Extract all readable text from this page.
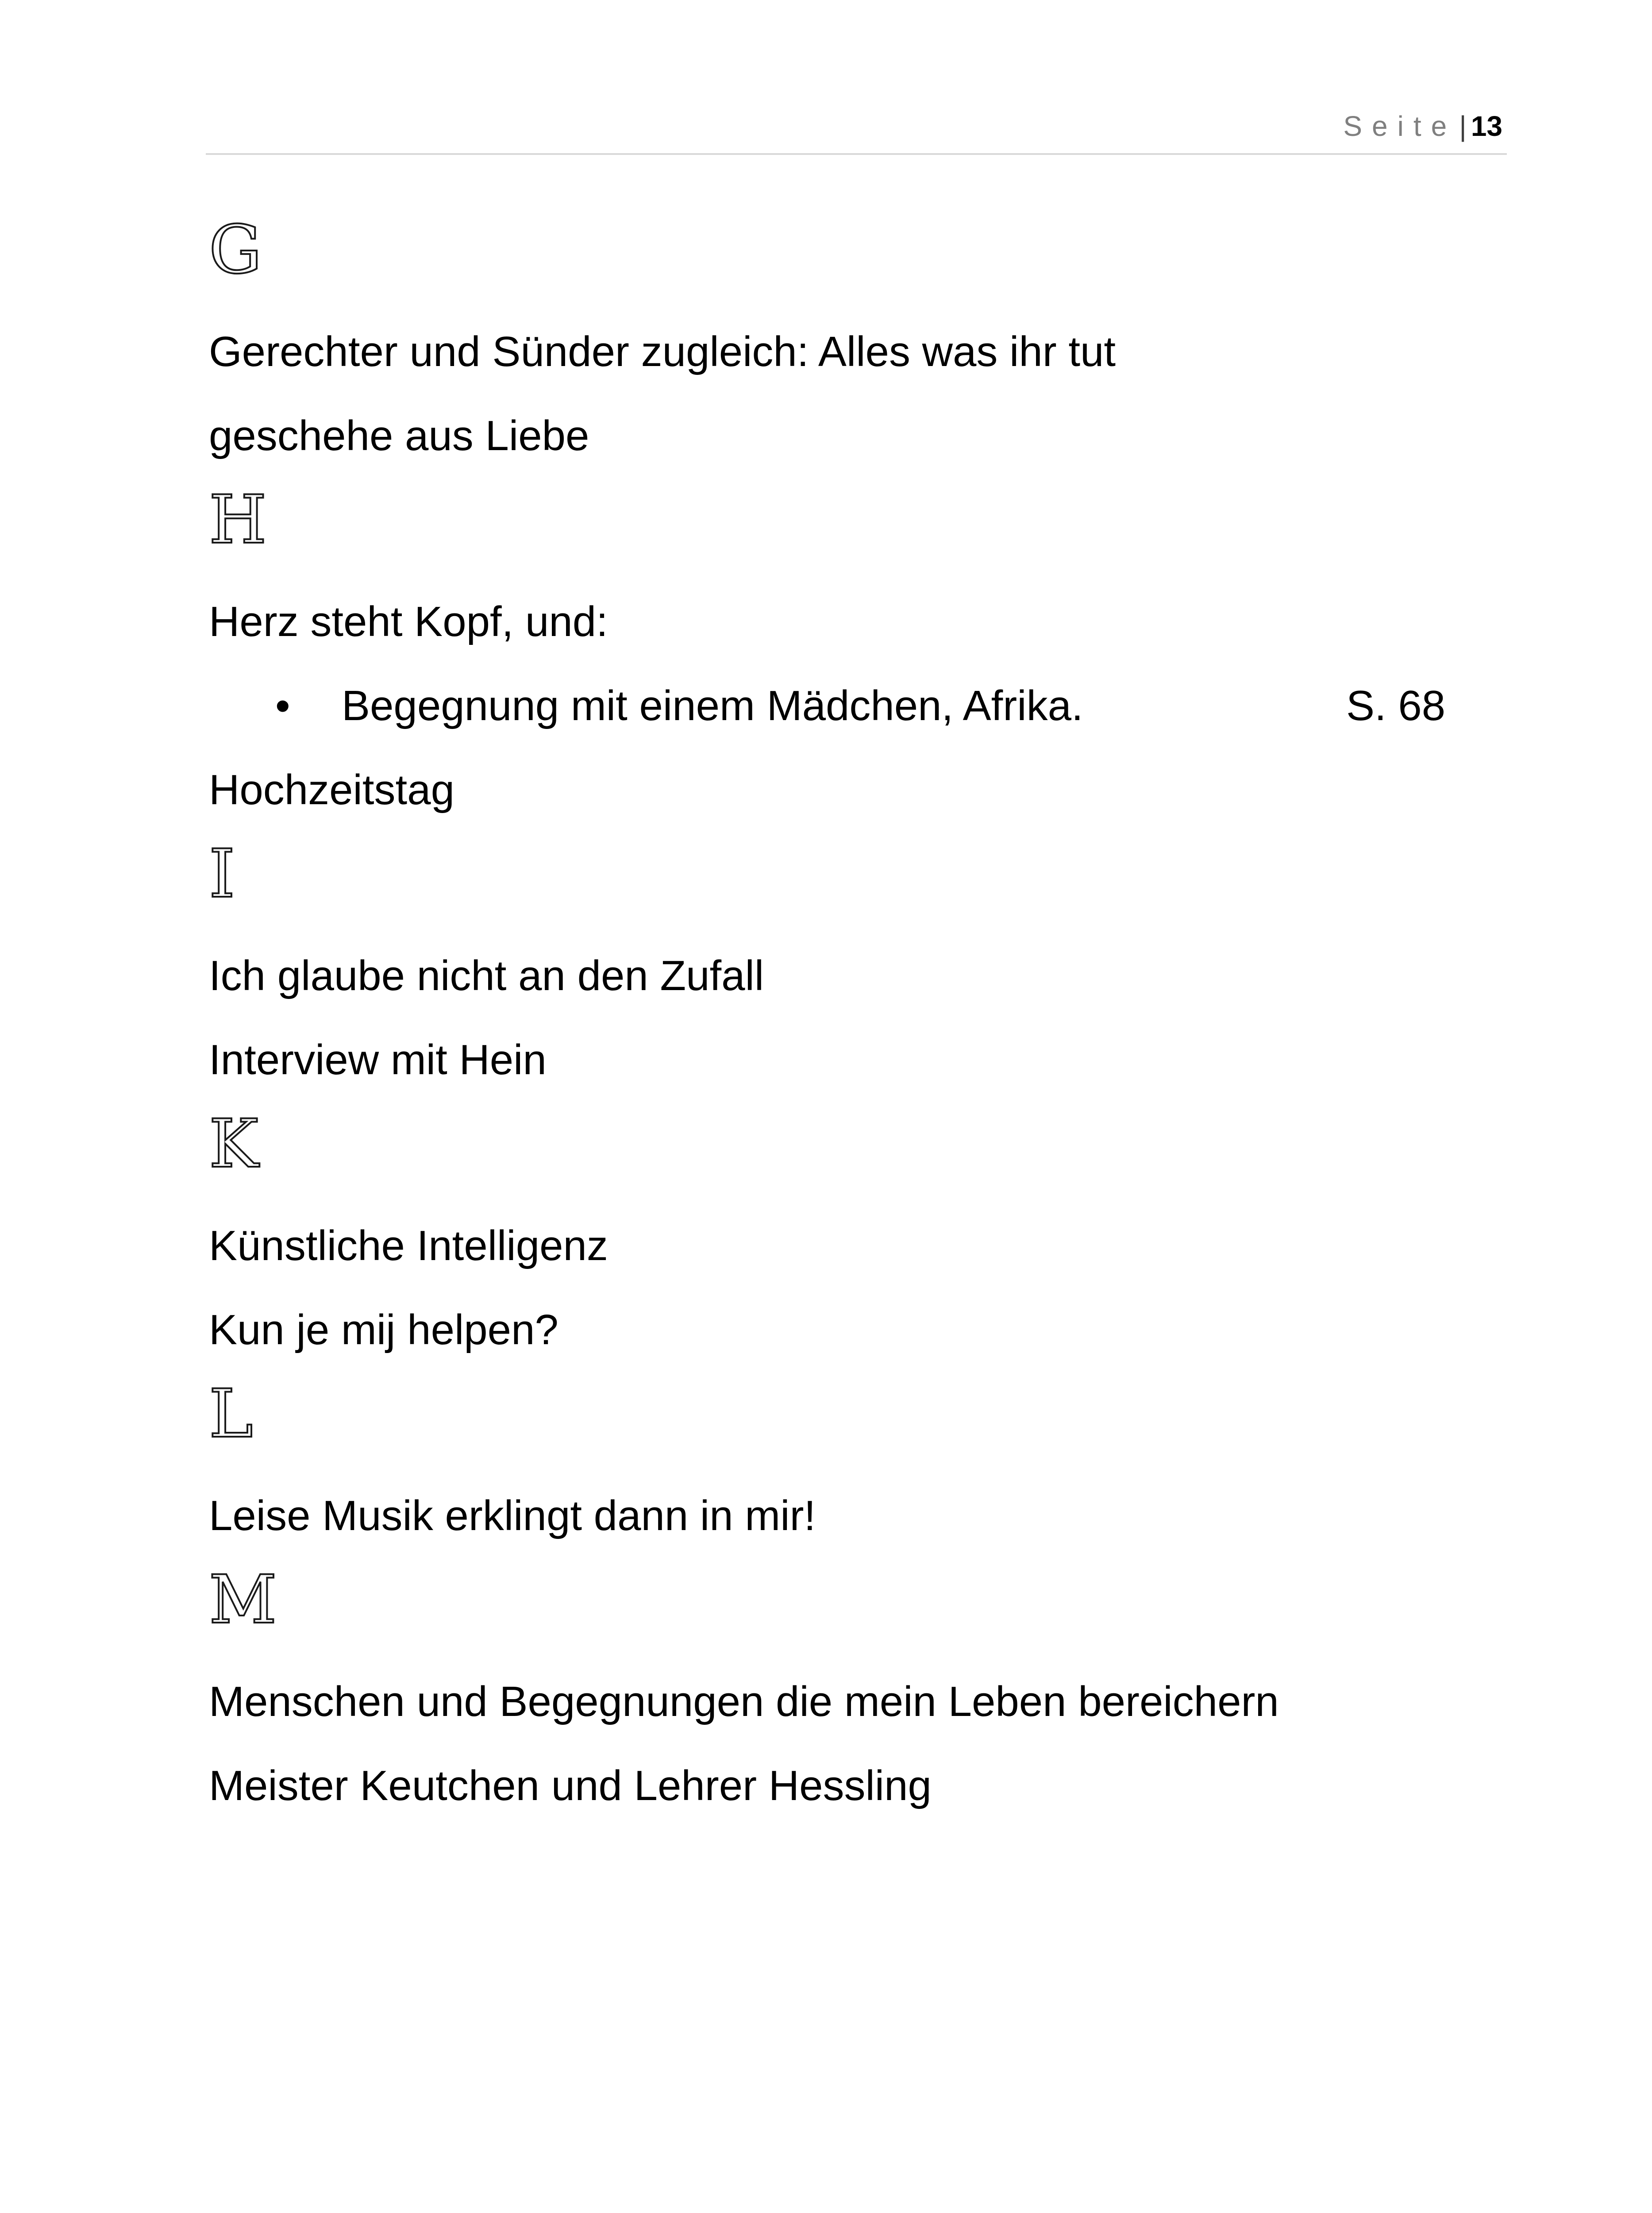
Seite| 13
G
Gerechter und Sünder zugleich: Alles was ihr tut
geschehe aus Liebe
H
Herz steht Kopf, und:
• Begegnung mit einem Mädchen, Afrika.	S. 68
Hochzeitstag
I
Ich glaube nicht an den Zufall
Interview mit Hein
K
Künstliche Intelligenz
Kun je mij helpen?
L
Leise Musik erklingt dann in mir!
M
Menschen und Begegnungen die mein Leben bereichern
Meister Keutchen und Lehrer Hessling
